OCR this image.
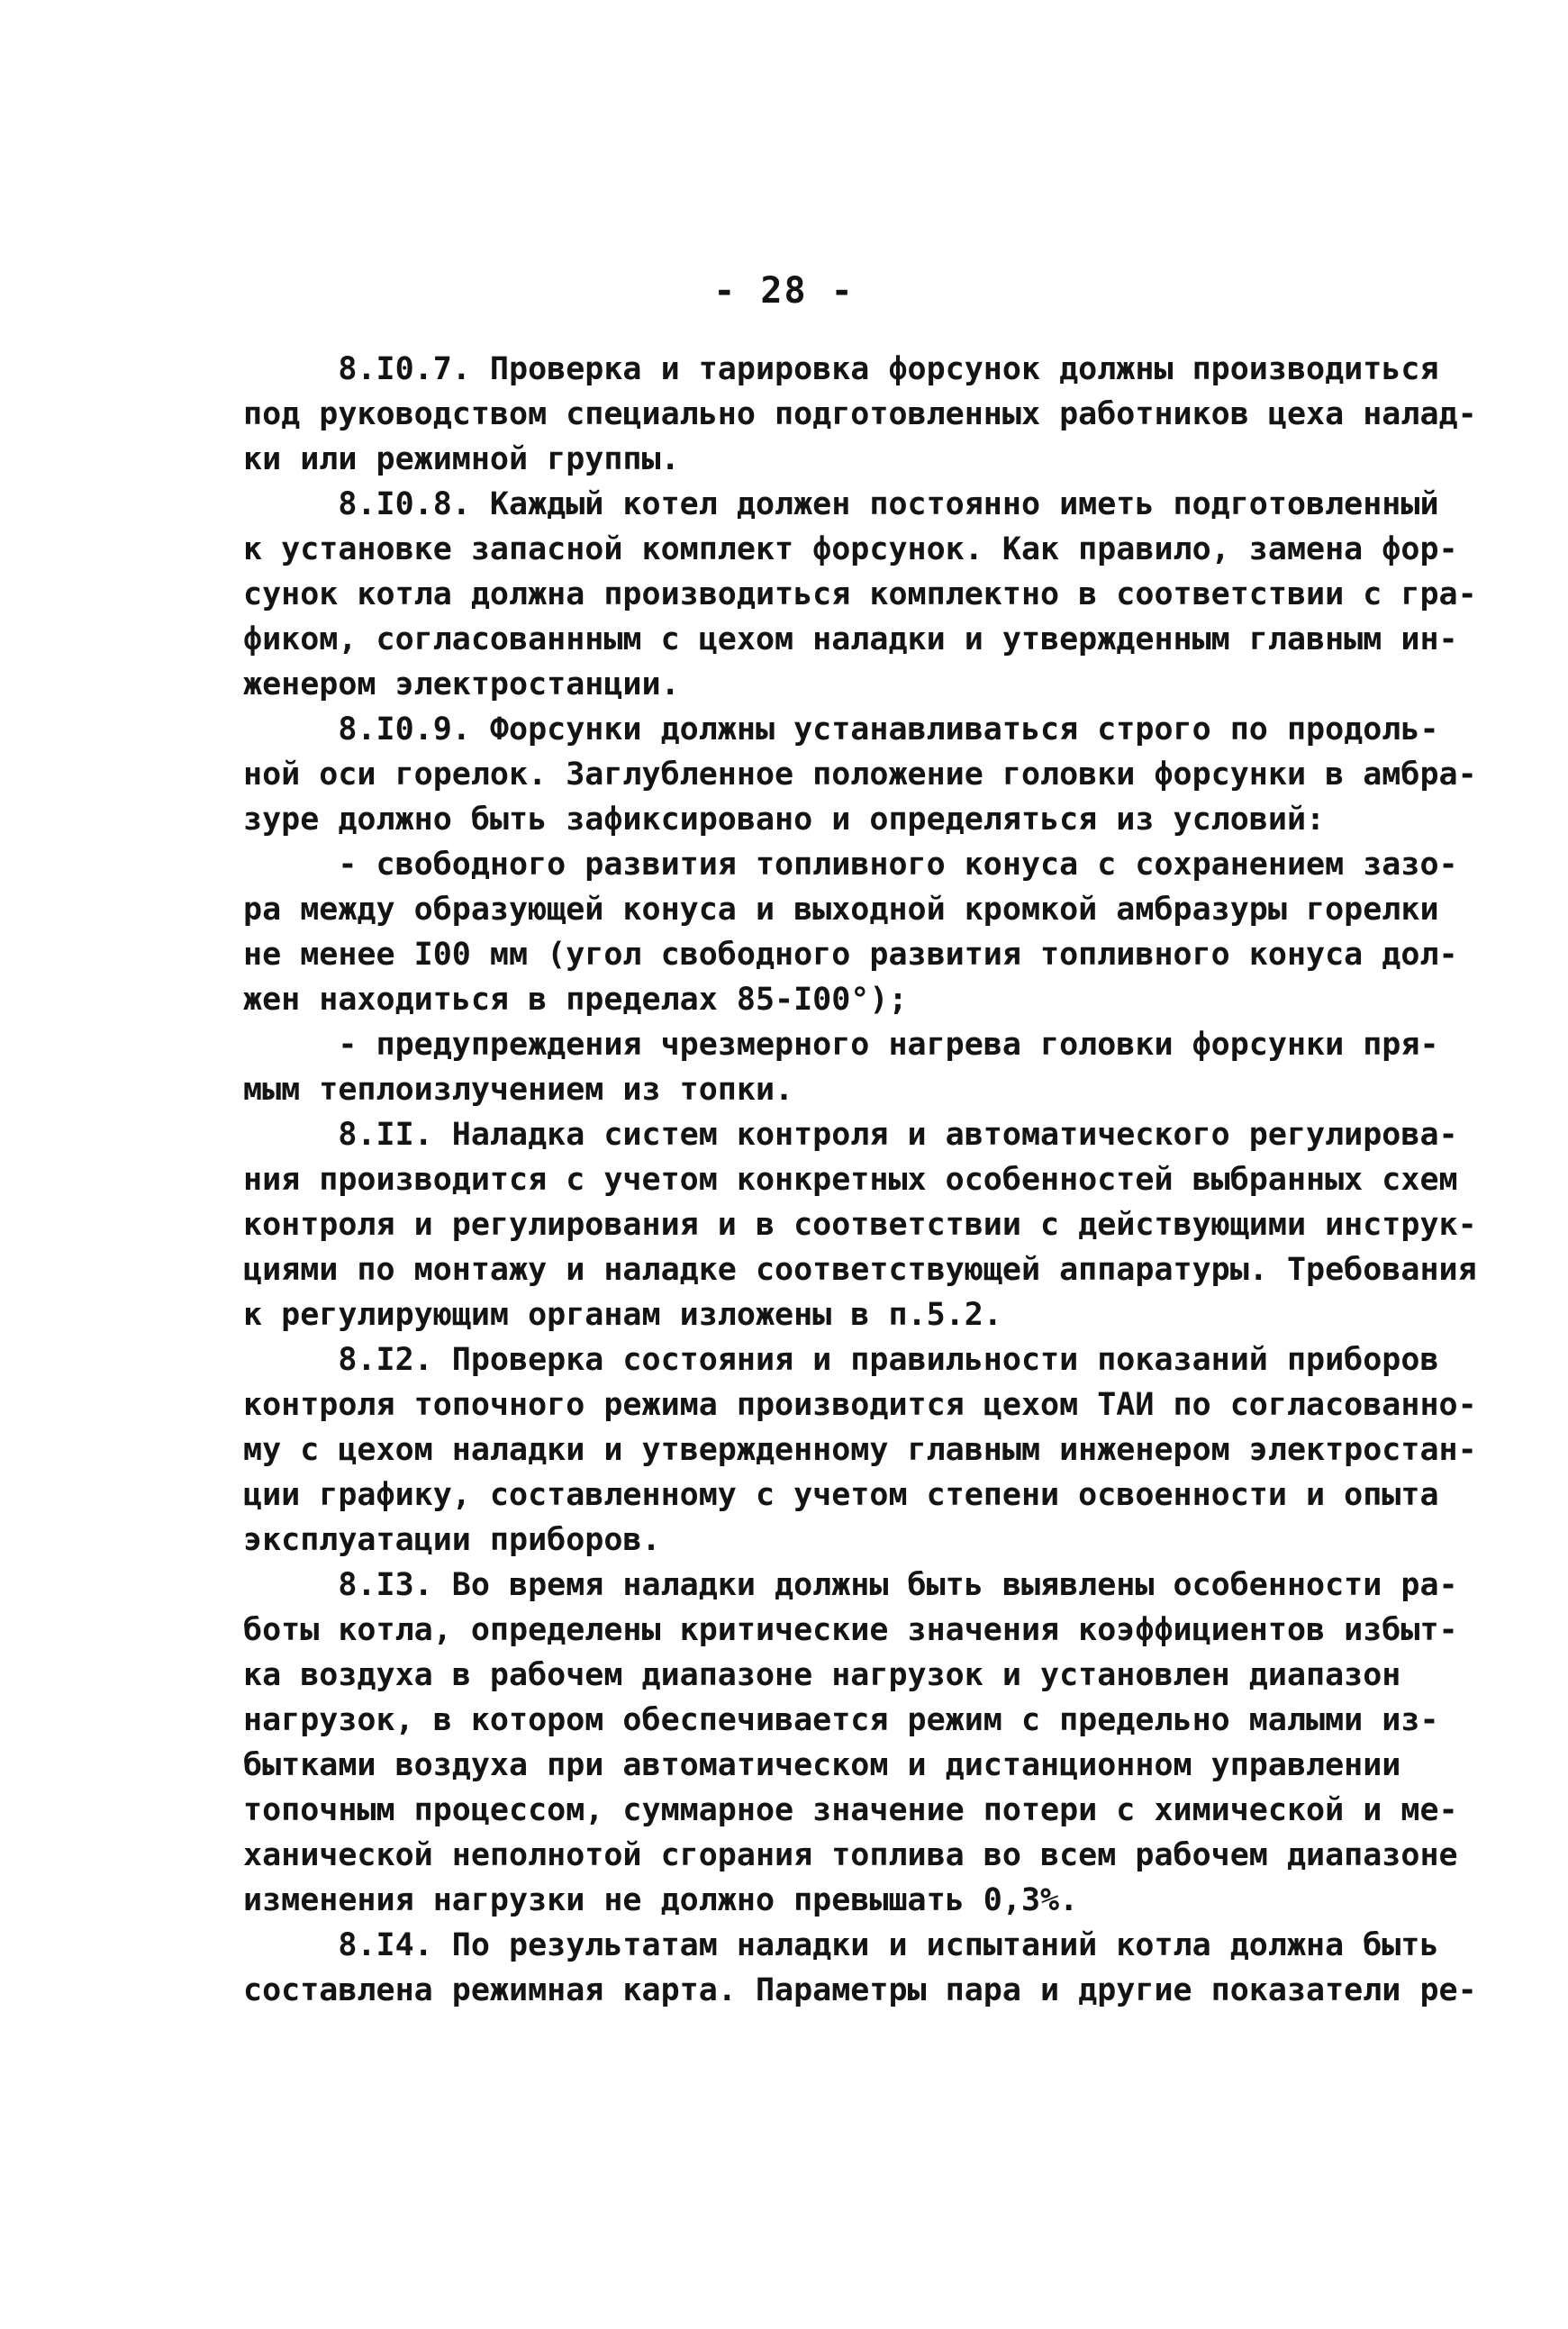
- 28 -
8.I0.7. Проверка и тарировка форсунок должны производиться
под руководством специально подготовленных работников цеха налад-
ки или режимной группы.
8.I0.8. Каждый котел должен постоянно иметь подготовленный
к установке запасной комплект форсунок. Как правило, замена фор-
сунок котла должна производиться комплектно в соответствии с гра-
фиком, согласованнным с цехом наладки и утвержденным главным ин-
женером электростанции.
8.I0.9. Форсунки должны устанавливаться строго по продоль-
ной оси горелок. Заглубленное положение головки форсунки в амбра-
зуре должно быть зафиксировано и определяться из условий:
- свободного развития топливного конуса с сохранением зазо-
ра между образующей конуса и выходной кромкой амбразуры горелки
не менее I00 мм (угол свободного развития топливного конуса дол-
жен находиться в пределах 85-I00°);
- предупреждения чрезмерного нагрева головки форсунки пря-
мым теплоизлучением из топки.
8.II. Наладка систем контроля и автоматического регулирова-
ния производится с учетом конкретных особенностей выбранных схем
контроля и регулирования и в соответствии с действующими инструк-
циями по монтажу и наладке соответствующей аппаратуры. Требования
к регулирующим органам изложены в п.5.2.
8.I2. Проверка состояния и правильности показаний приборов
контроля топочного режима производится цехом ТАИ по согласованно-
му с цехом наладки и утвержденному главным инженером электростан-
ции графику, составленному с учетом степени освоенности и опыта
эксплуатации приборов.
8.I3. Во время наладки должны быть выявлены особенности ра-
боты котла, определены критические значения коэффициентов избыт-
ка воздуха в рабочем диапазоне нагрузок и установлен диапазон
нагрузок, в котором обеспечивается режим с предельно малыми из-
бытками воздуха при автоматическом и дистанционном управлении
топочным процессом, суммарное значение потери с химической и ме-
ханической неполнотой сгорания топлива во всем рабочем диапазоне
изменения нагрузки не должно превышать 0,3%.
8.I4. По результатам наладки и испытаний котла должна быть
составлена режимная карта. Параметры пара и другие показатели ре-
